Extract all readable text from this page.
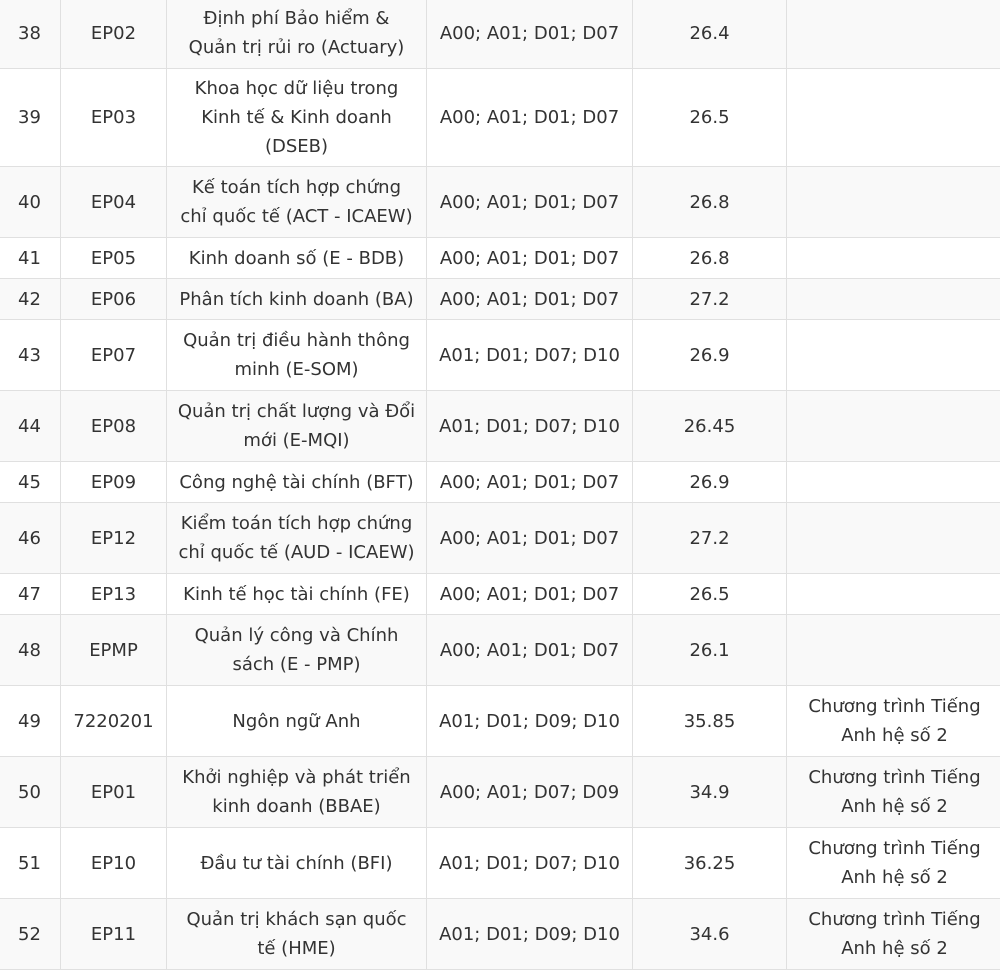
38	EP02	Định phí Bảo hiểm & Quản trị rủi ro (Actuary)	A00; A01; D01; D07	26.4	
39	EP03	Khoa học dữ liệu trong Kinh tế & Kinh doanh (DSEB)	A00; A01; D01; D07	26.5	
40	EP04	Kế toán tích hợp chứng chỉ quốc tế (ACT - ICAEW)	A00; A01; D01; D07	26.8	
41	EP05	Kinh doanh số (E - BDB)	A00; A01; D01; D07	26.8	
42	EP06	Phân tích kinh doanh (BA)	A00; A01; D01; D07	27.2	
43	EP07	Quản trị điều hành thông minh (E-SOM)	A01; D01; D07; D10	26.9	
44	EP08	Quản trị chất lượng và Đổi mới (E-MQI)	A01; D01; D07; D10	26.45	
45	EP09	Công nghệ tài chính (BFT)	A00; A01; D01; D07	26.9	
46	EP12	Kiểm toán tích hợp chứng chỉ quốc tế (AUD - ICAEW)	A00; A01; D01; D07	27.2	
47	EP13	Kinh tế học tài chính (FE)	A00; A01; D01; D07	26.5	
48	EPMP	Quản lý công và Chính sách (E - PMP)	A00; A01; D01; D07	26.1	
49	7220201	Ngôn ngữ Anh	A01; D01; D09; D10	35.85	Chương trình Tiếng Anh hệ số 2
50	EP01	Khởi nghiệp và phát triển kinh doanh (BBAE)	A00; A01; D07; D09	34.9	Chương trình Tiếng Anh hệ số 2
51	EP10	Đầu tư tài chính (BFI)	A01; D01; D07; D10	36.25	Chương trình Tiếng Anh hệ số 2
52	EP11	Quản trị khách sạn quốc tế (HME)	A01; D01; D09; D10	34.6	Chương trình Tiếng Anh hệ số 2
